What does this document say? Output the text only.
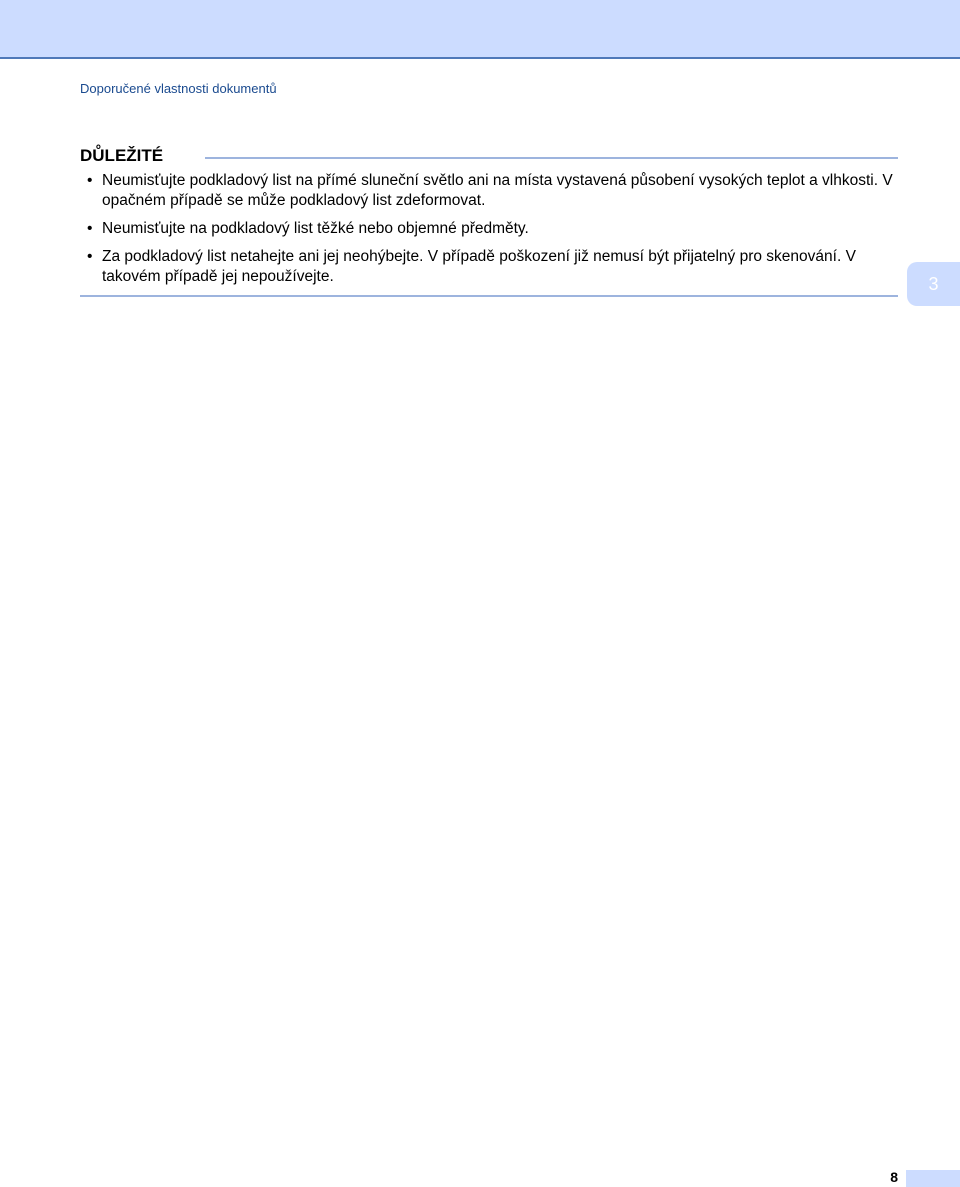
Doporučené vlastnosti dokumentů
DŮLEŽITÉ
• Neumisťujte podkladový list na přímé sluneční světlo ani na místa vystavená působení vysokých teplot a vlhkosti. V opačném případě se může podkladový list zdeformovat.
• Neumisťujte na podkladový list těžké nebo objemné předměty.
• Za podkladový list netahejte ani jej neohýbejte. V případě poškození již nemusí být přijatelný pro skenování. V takovém případě jej nepoužívejte.	3
8
